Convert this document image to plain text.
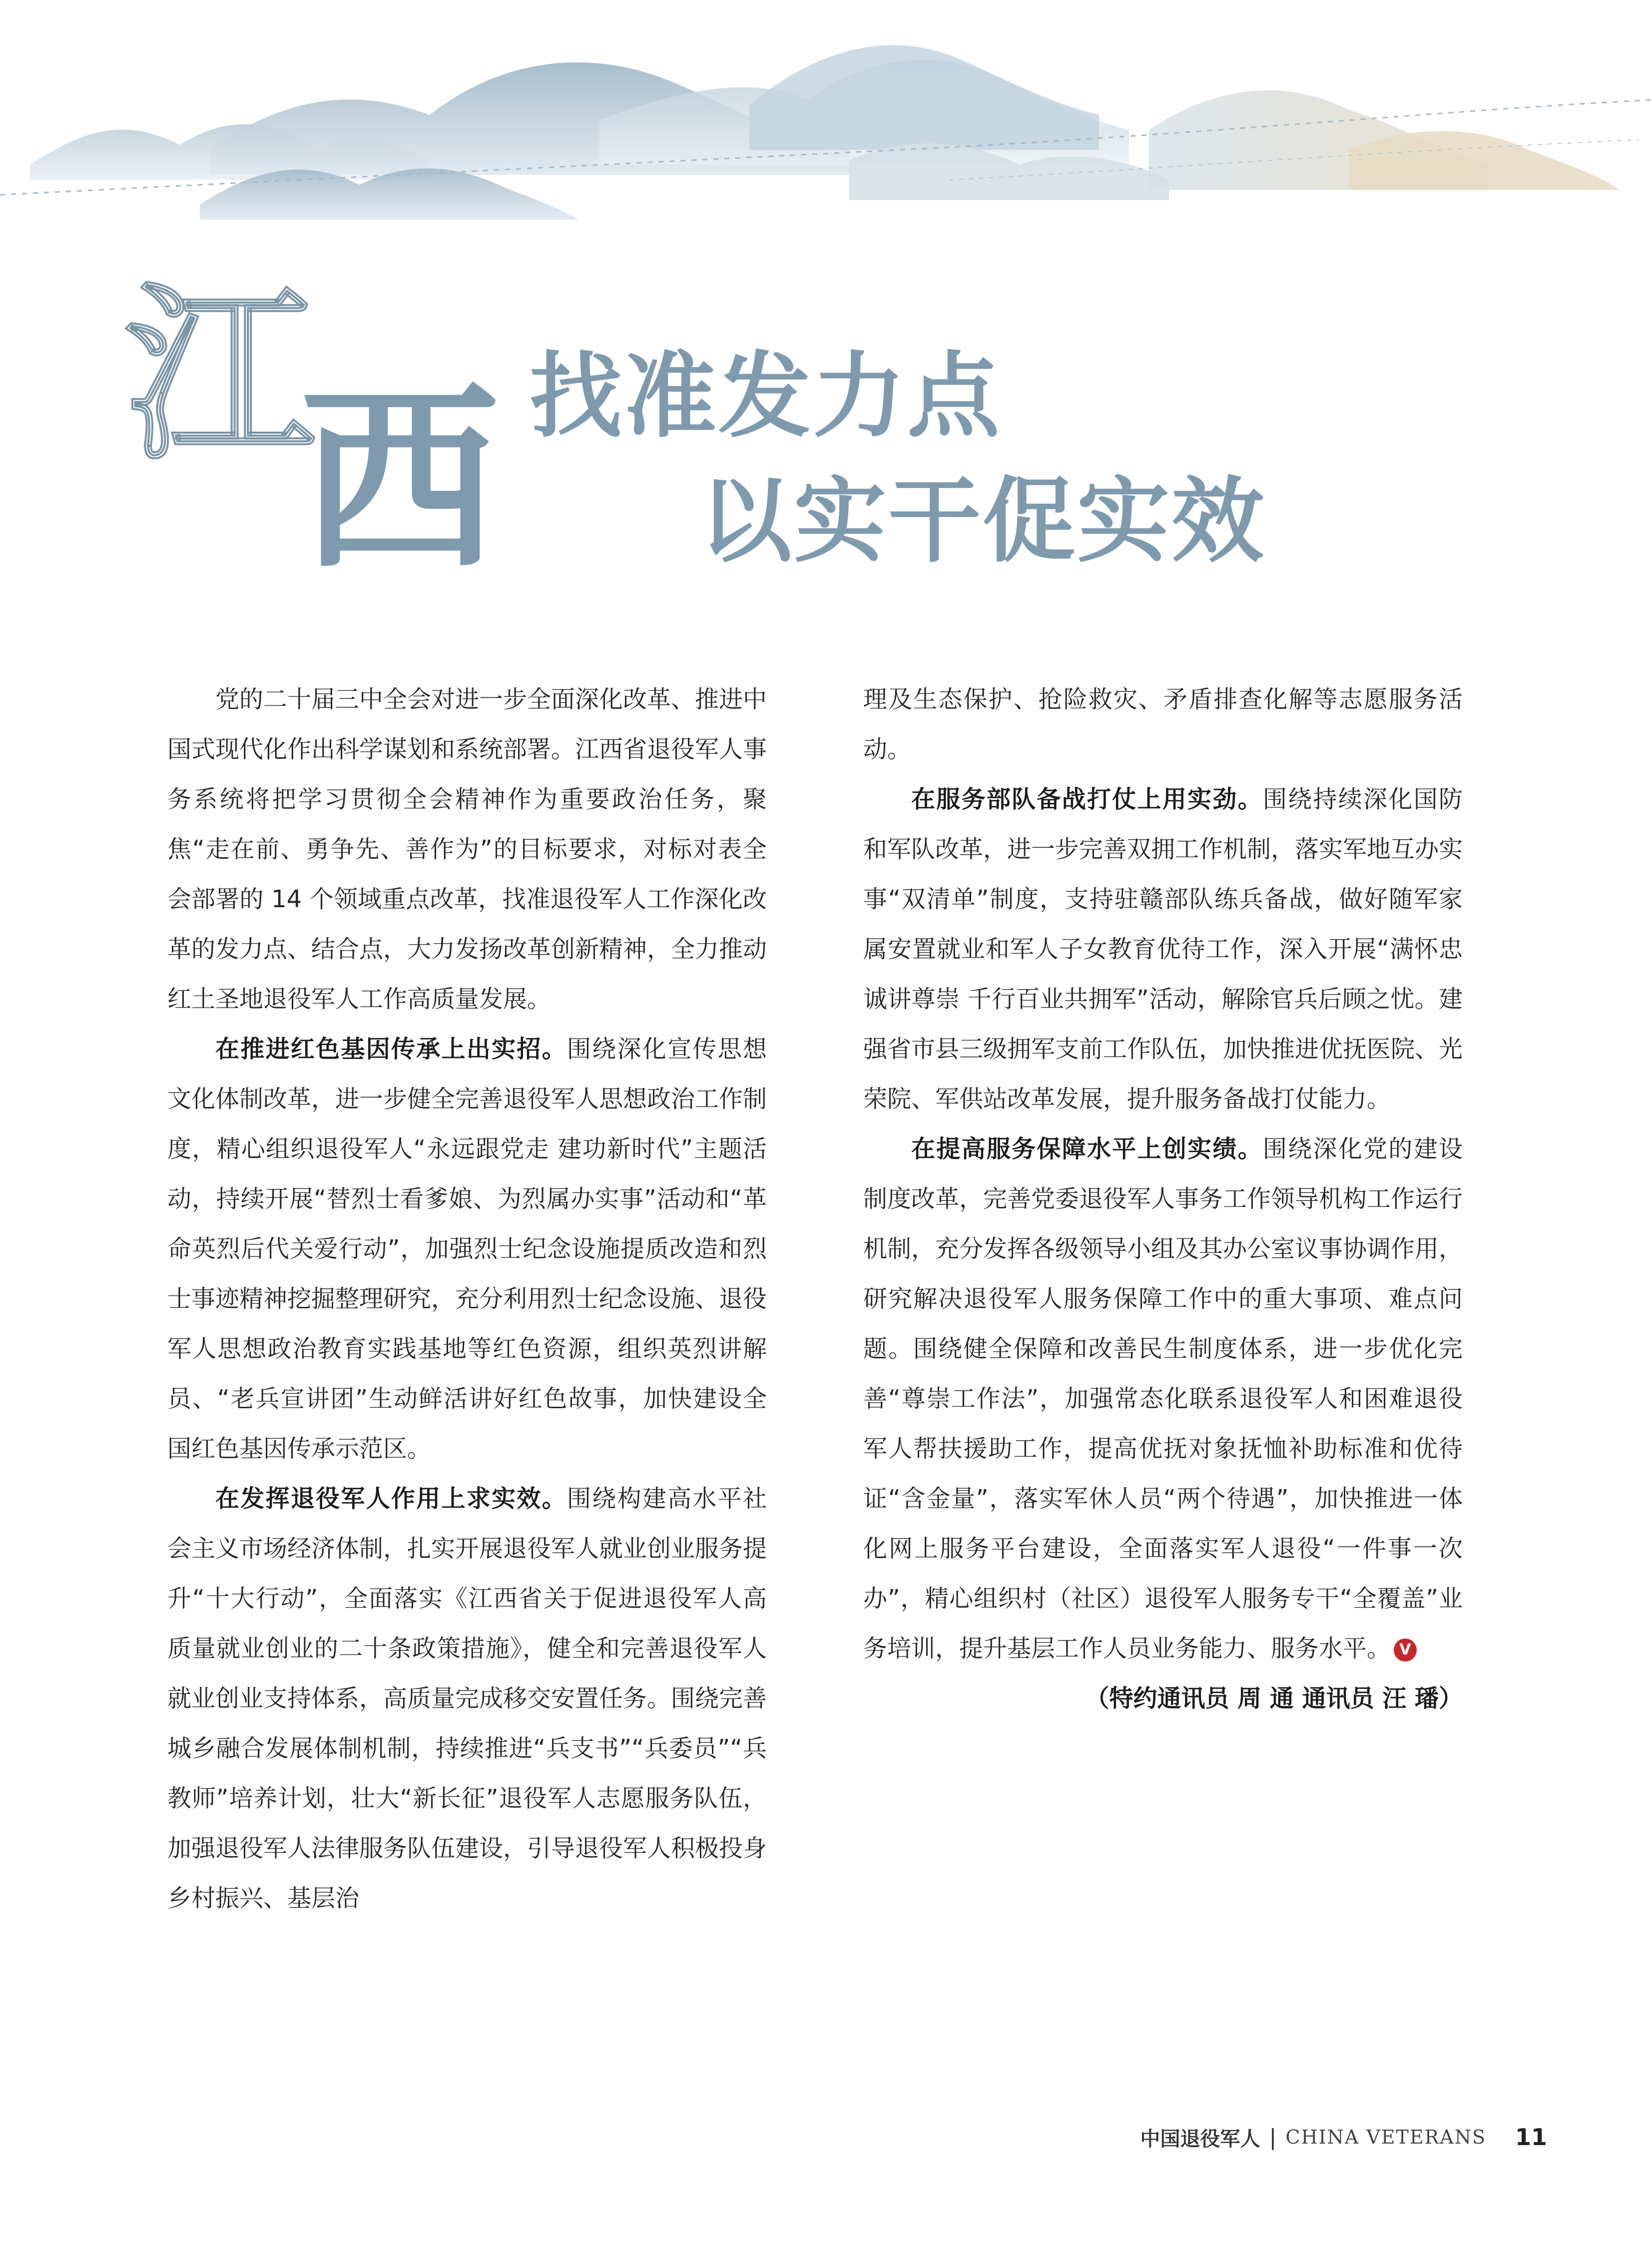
江
西 找准发力点
以实干促实效

党的二十届三中全会对进一步全面深化改革、推进中国式现代化作出科学谋划和系统部署。江西省退役军人事务系统将把学习贯彻全会精神作为重要政治任务，聚焦“走在前、勇争先、善作为”的目标要求，对标对表全会部署的 14 个领域重点改革，找准退役军人工作深化改革的发力点、结合点，大力发扬改革创新精神，全力推动红土圣地退役军人工作高质量发展。

在推进红色基因传承上出实招。围绕深化宣传思想文化体制改革，进一步健全完善退役军人思想政治工作制度，精心组织退役军人“永远跟党走 建功新时代”主题活动，持续开展“替烈士看爹娘、为烈属办实事”活动和“革命英烈后代关爱行动”，加强烈士纪念设施提质改造和烈士事迹精神挖掘整理研究，充分利用烈士纪念设施、退役军人思想政治教育实践基地等红色资源，组织英烈讲解员、“老兵宣讲团”生动鲜活讲好红色故事，加快建设全国红色基因传承示范区。

在发挥退役军人作用上求实效。围绕构建高水平社会主义市场经济体制，扎实开展退役军人就业创业服务提升“十大行动”，全面落实《江西省关于促进退役军人高质量就业创业的二十条政策措施》，健全和完善退役军人就业创业支持体系，高质量完成移交安置任务。围绕完善城乡融合发展体制机制，持续推进“兵支书”“兵委员”“兵教师”培养计划，壮大“新长征”退役军人志愿服务队伍，加强退役军人法律服务队伍建设，引导退役军人积极投身乡村振兴、基层治

理及生态保护、抢险救灾、矛盾排查化解等志愿服务活动。

在服务部队备战打仗上用实劲。围绕持续深化国防和军队改革，进一步完善双拥工作机制，落实军地互办实事“双清单”制度，支持驻赣部队练兵备战，做好随军家属安置就业和军人子女教育优待工作，深入开展“满怀忠诚讲尊崇 千行百业共拥军”活动，解除官兵后顾之忧。建强省市县三级拥军支前工作队伍，加快推进优抚医院、光荣院、军供站改革发展，提升服务备战打仗能力。

在提高服务保障水平上创实绩。围绕深化党的建设制度改革，完善党委退役军人事务工作领导机构工作运行机制，充分发挥各级领导小组及其办公室议事协调作用，研究解决退役军人服务保障工作中的重大事项、难点问题。围绕健全保障和改善民生制度体系，进一步优化完善“尊崇工作法”，加强常态化联系退役军人和困难退役军人帮扶援助工作，提高优抚对象抚恤补助标准和优待证“含金量”，落实军休人员“两个待遇”，加快推进一体化网上服务平台建设，全面落实军人退役“一件事一次办”，精心组织村（社区）退役军人服务专干“全覆盖”业务培训，提升基层工作人员业务能力、服务水平。 V

（特约通讯员 周 通 通讯员 汪 璠）

中国退役军人 | CHINA VETERANS 11
